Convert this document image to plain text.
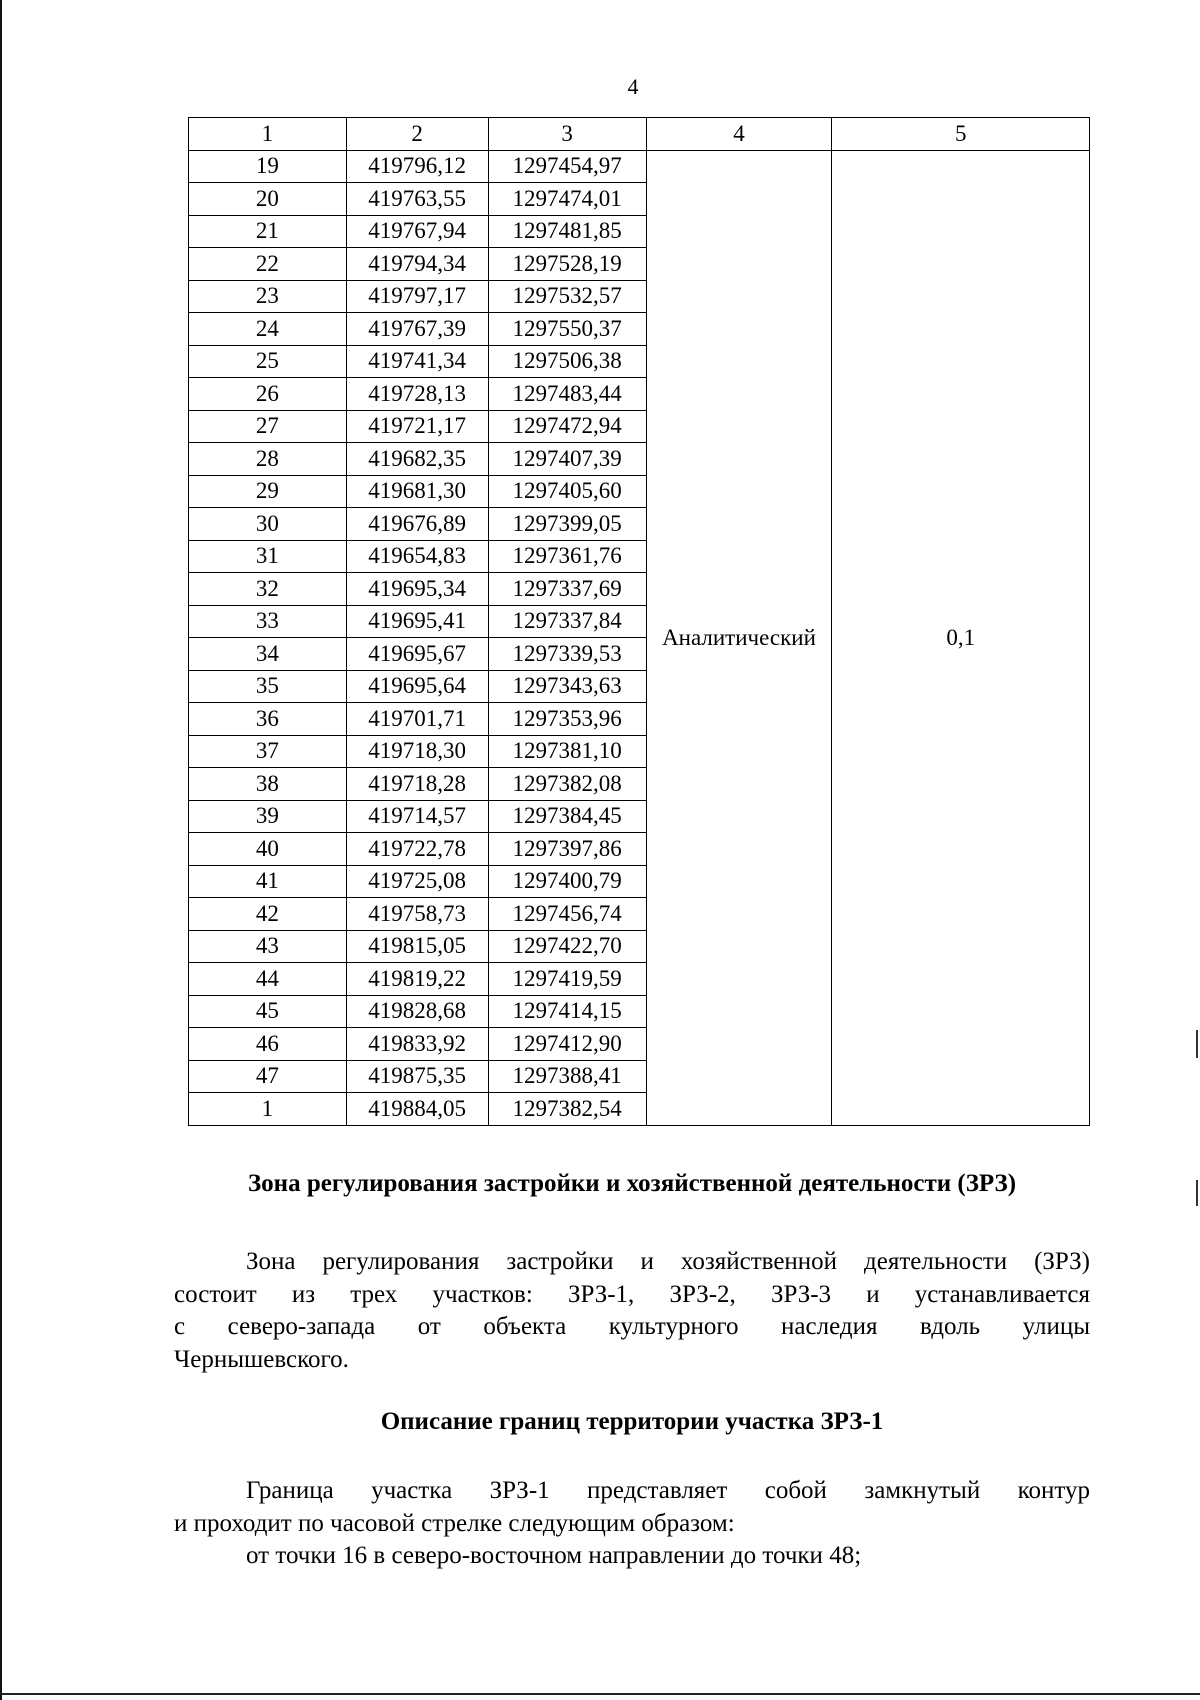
4
1	2	3	4	5
19	419796,12	1297454,97	Аналитический	0,1
20	419763,55	1297474,01		
21	419767,94	1297481,85		
22	419794,34	1297528,19		
23	419797,17	1297532,57		
24	419767,39	1297550,37		
25	419741,34	1297506,38		
26	419728,13	1297483,44		
27	419721,17	1297472,94		
28	419682,35	1297407,39		
29	419681,30	1297405,60		
30	419676,89	1297399,05		
31	419654,83	1297361,76		
32	419695,34	1297337,69		
33	419695,41	1297337,84		
34	419695,67	1297339,53		
35	419695,64	1297343,63		
36	419701,71	1297353,96		
37	419718,30	1297381,10		
38	419718,28	1297382,08		
39	419714,57	1297384,45		
40	419722,78	1297397,86		
41	419725,08	1297400,79		
42	419758,73	1297456,74		
43	419815,05	1297422,70		
44	419819,22	1297419,59		
45	419828,68	1297414,15		
46	419833,92	1297412,90		
47	419875,35	1297388,41		
1	419884,05	1297382,54		
Зона регулирования застройки и хозяйственной деятельности (ЗРЗ)
Зона регулирования застройки и хозяйственной деятельности (ЗРЗ)
состоит из трех участков: ЗРЗ-1, ЗРЗ-2, ЗРЗ-3 и устанавливается
с северо-запада от объекта культурного наследия вдоль улицы
Чернышевского.
Описание границ территории участка ЗРЗ-1
Граница участка ЗРЗ-1 представляет собой замкнутый контур
и проходит по часовой стрелке следующим образом:
от точки 16 в северо-восточном направлении до точки 48;
